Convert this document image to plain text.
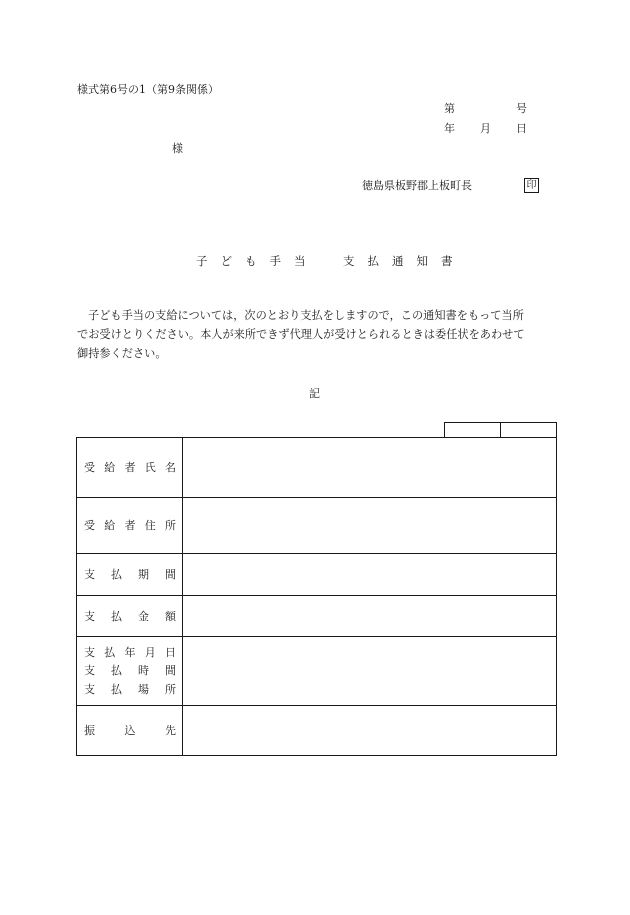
様式第6号の1（第9条関係）
第	号
年 月 日
様
徳島県板野郡上板町長	印
子ども手当　支払通知書
子ども手当の支給については，次のとおり支払をしますので，この通知書をもって当所
でお受けとりください。本人が来所できず代理人が受けとられるときは委任状をあわせて
御持参ください。
記
受 給 者 氏 名
受 給 者 住 所
支 払 期 間
支 払 金 額
支 払 年 月 日
支 払 時 間
支 払 場 所
振	込	先
